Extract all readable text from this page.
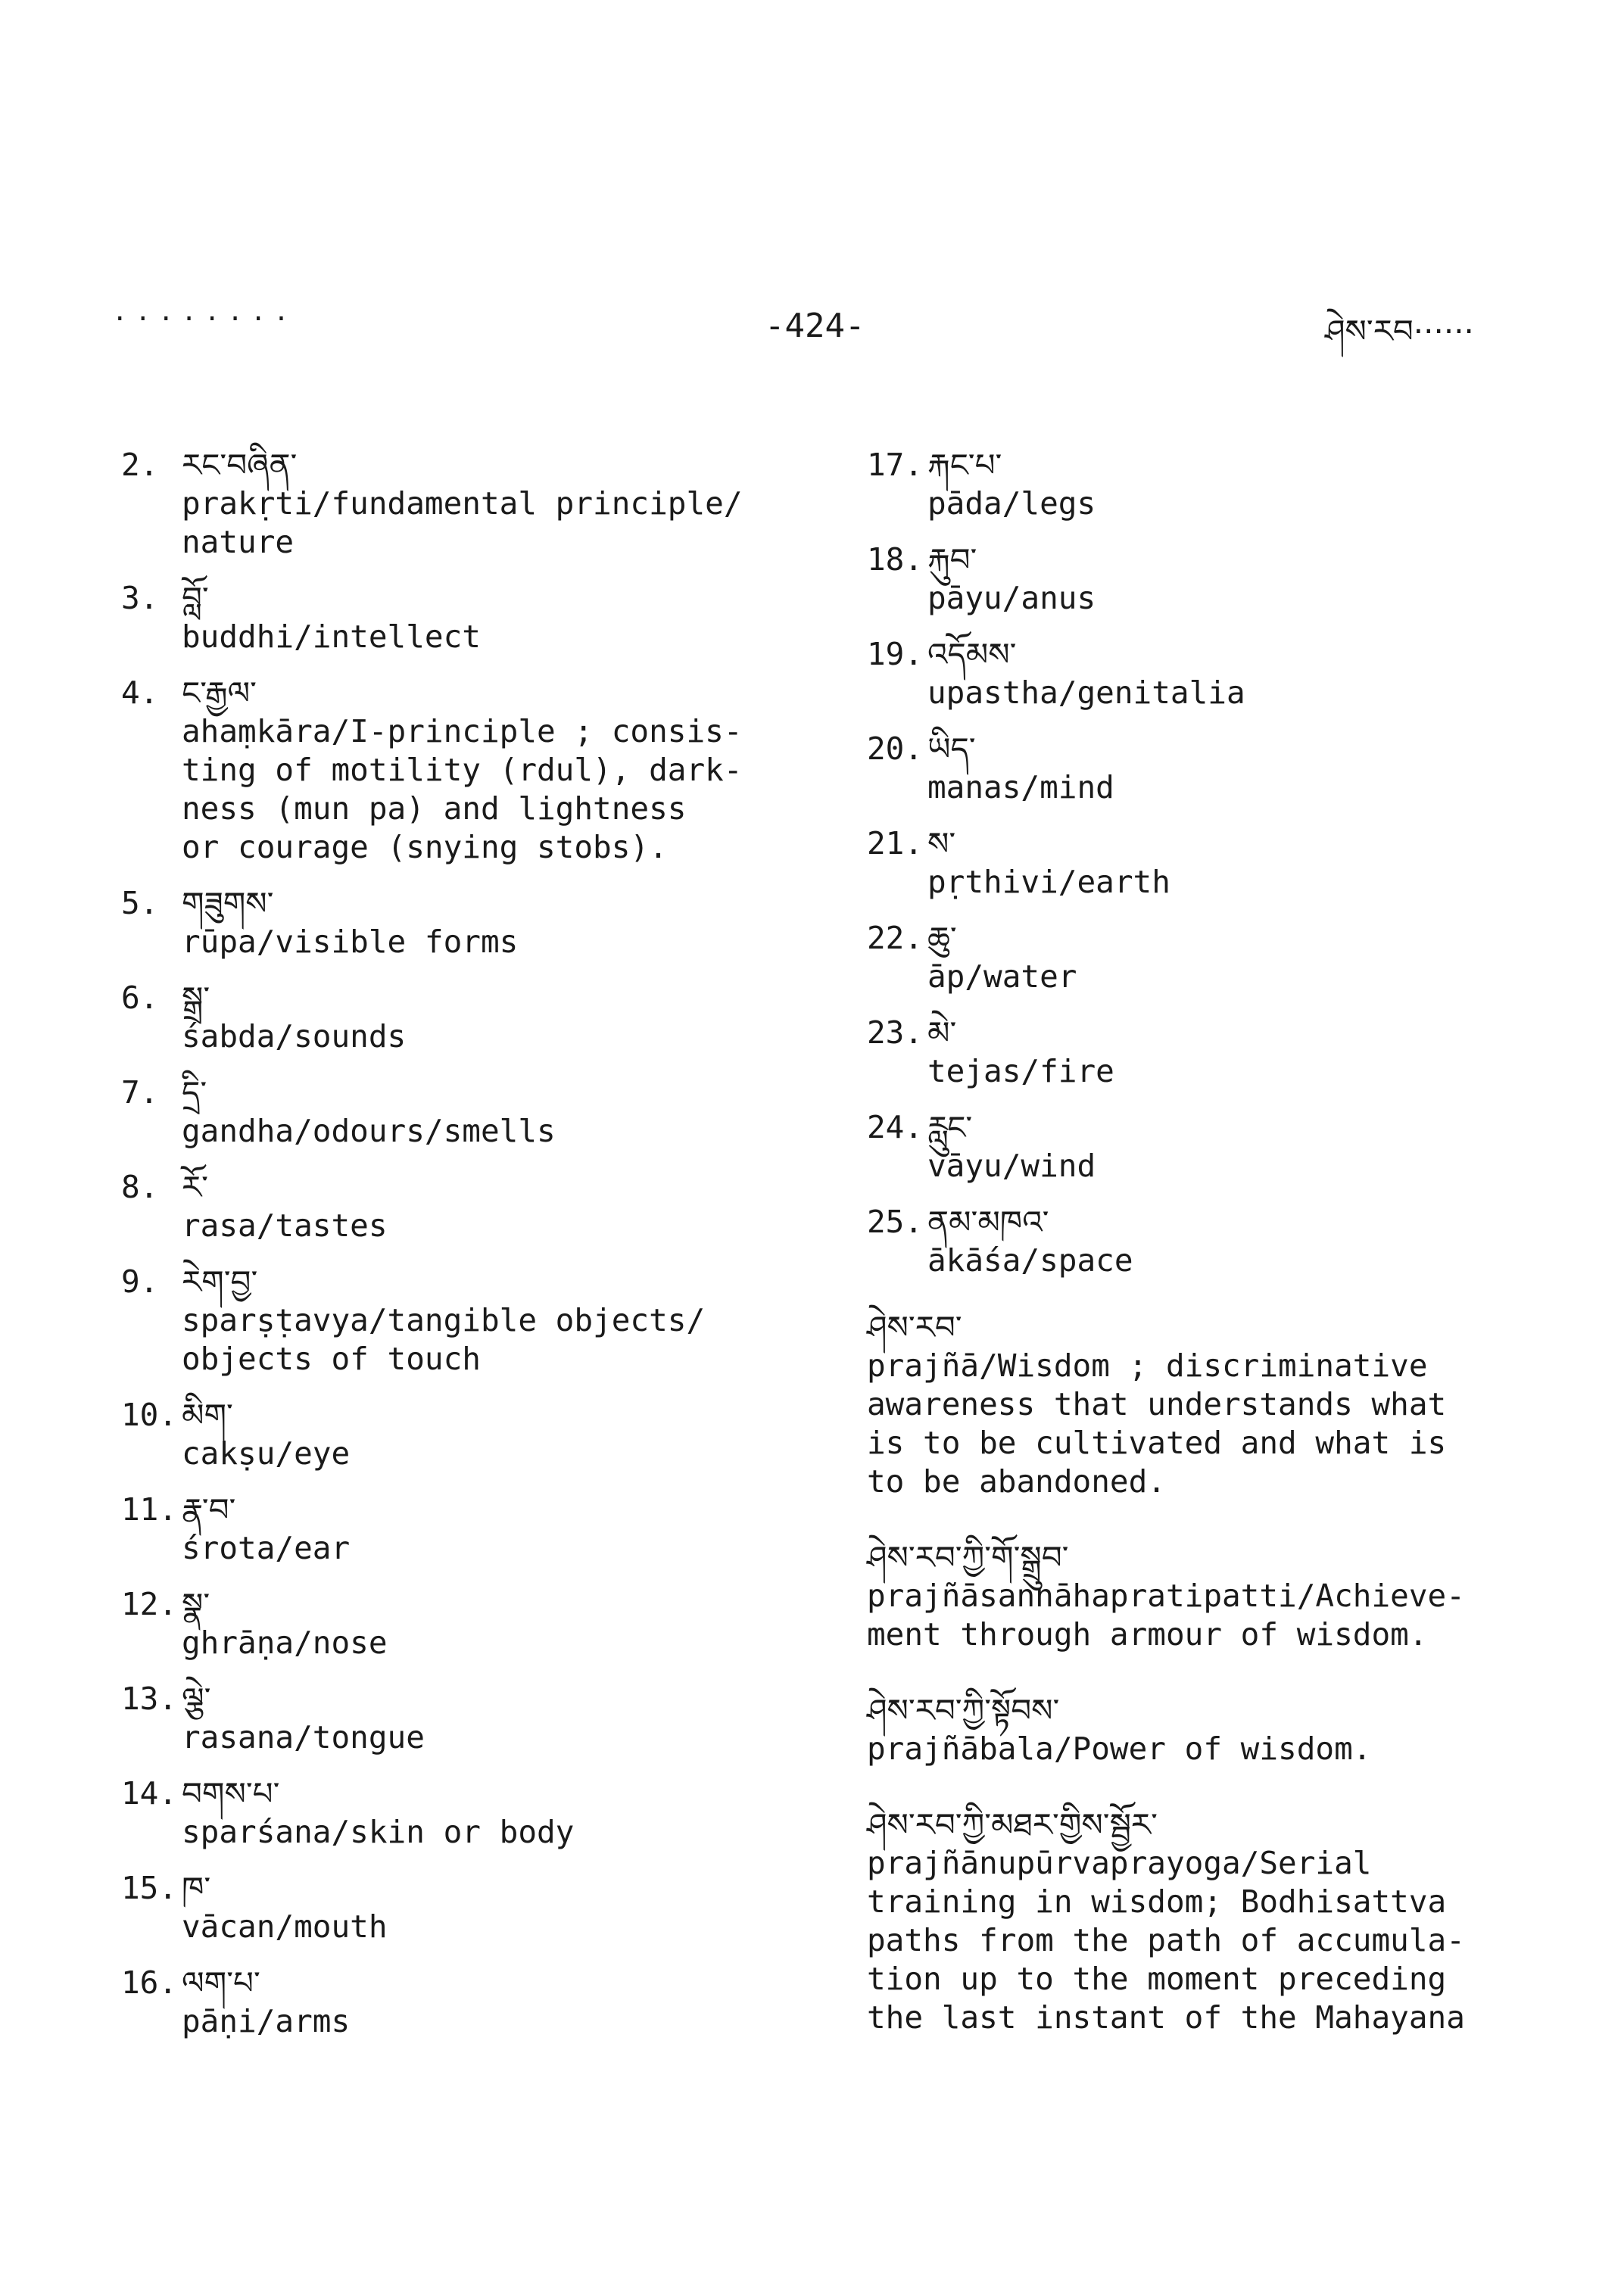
........	-424-	ཤེས་རབ······
2. རང་བཞིན་
prakṛti/fundamental principle/
nature
3. བློ་
buddhi/intellect
4. ང་རྒྱལ་
ahaṃkāra/I-principle ; consis-
ting of motility (rdul), dark-
ness (mun pa) and lightness
or courage (snying stobs).
5. གཟུགས་
rūpa/visible forms
6. སྒྲ་
śabda/sounds
7. དྲི་
gandha/odours/smells
8. རོ་
rasa/tastes
9. རེག་བྱ་
sparṣṭavya/tangible objects/
objects of touch
10. མིག་
cakṣu/eye
11. རྣ་བ་
śrota/ear
12. སྣ་
ghrāṇa/nose
13. ལྕེ་
rasana/tongue
14. བགས་པ་
sparśana/skin or body
15. ཁ་
vācan/mouth
16. ལག་པ་
pāṇi/arms
17. རྐང་པ་
pāda/legs
18. རྐུབ་
pāyu/anus
19. འདོམས་
upastha/genitalia
20. ཡིད་
manas/mind
21. ས་
pṛthivi/earth
22. ཆུ་
āp/water
23. མེ་
tejas/fire
24. རླུང་
vāyu/wind
25. ནམ་མཁའ་
ākāśa/space
ཤེས་རབ་
prajñā/Wisdom ; discriminative
awareness that understands what
is to be cultivated and what is
to be abandoned.
ཤེས་རབ་ཀྱི་གོ་སྒྲུབ་
prajñāsannāhapratipatti/Achieve-
ment through armour of wisdom.
ཤེས་རབ་ཀྱི་སྟོབས་
prajñābala/Power of wisdom.
ཤེས་རབ་ཀྱི་མཐར་གྱིས་སྦྱོར་
prajñānupūrvaprayoga/Serial
training in wisdom; Bodhisattva
paths from the path of accumula-
tion up to the moment preceding
the last instant of the Mahayana
